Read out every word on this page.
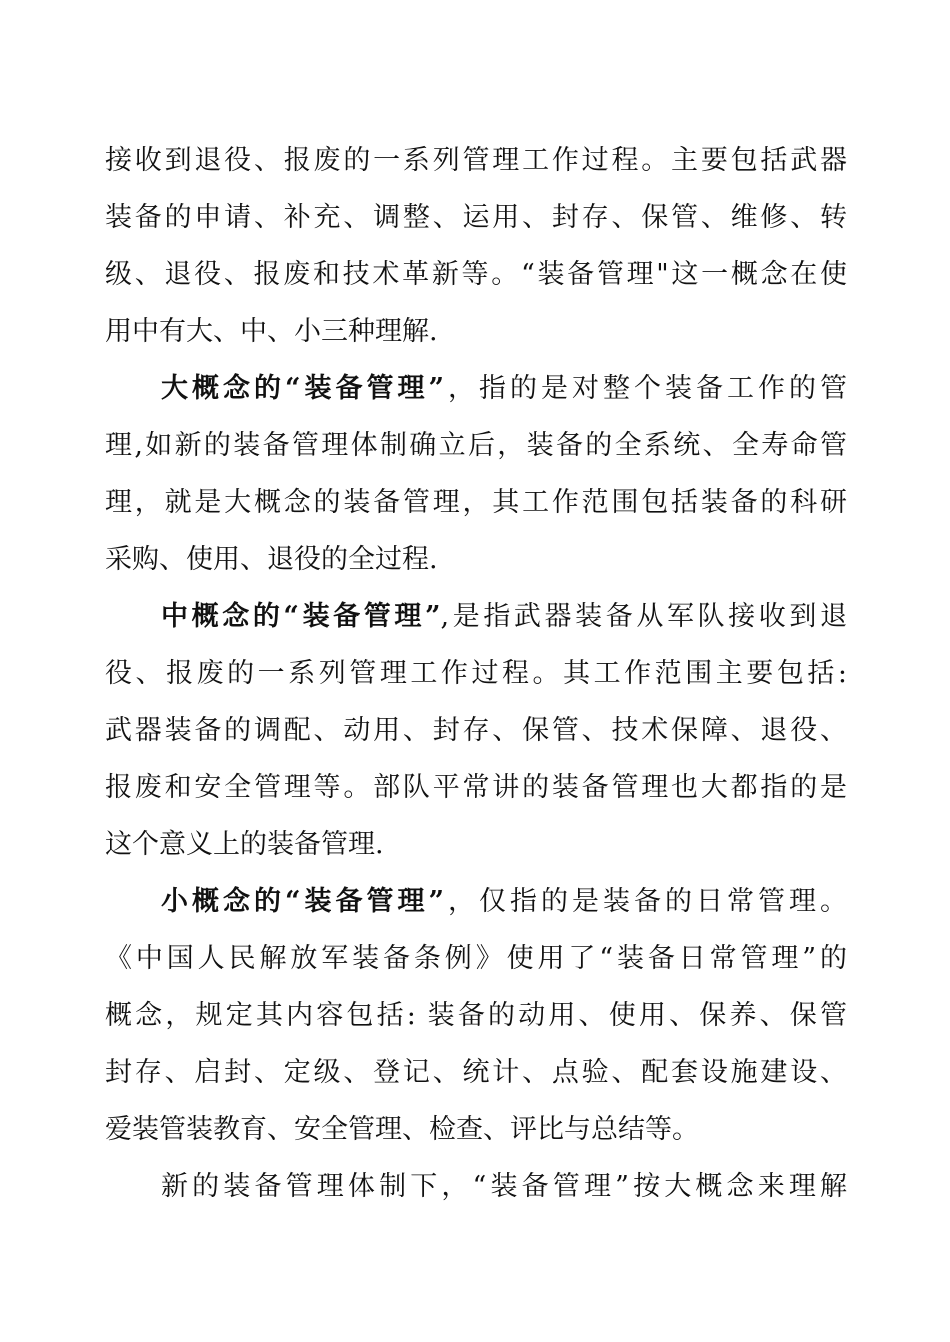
接收到退役、报废的一系列管理工作过程。主要包括武器
装备的申请、补充、调整、运用、封存、保管、维修、转
级、退役、报废和技术革新等。“装备管理"这一概念在使
用中有大、中、小三种理解.
大概念的“装备管理”，指的是对整个装备工作的管
理,如新的装备管理体制确立后，装备的全系统、全寿命管
理，就是大概念的装备管理，其工作范围包括装备的科研
采购、使用、退役的全过程.
中概念的“装备管理”,是指武器装备从军队接收到退
役、报废的一系列管理工作过程。其工作范围主要包括:
武器装备的调配、动用、封存、保管、技术保障、退役、
报废和安全管理等。部队平常讲的装备管理也大都指的是
这个意义上的装备管理.
小概念的“装备管理”，仅指的是装备的日常管理。
《中国人民解放军装备条例》使用了“装备日常管理”的
概念，规定其内容包括: 装备的动用、使用、保养、保管
封存、启封、定级、登记、统计、点验、配套设施建设、
爱装管装教育、安全管理、检查、评比与总结等。
新的装备管理体制下，“装备管理”按大概念来理解
